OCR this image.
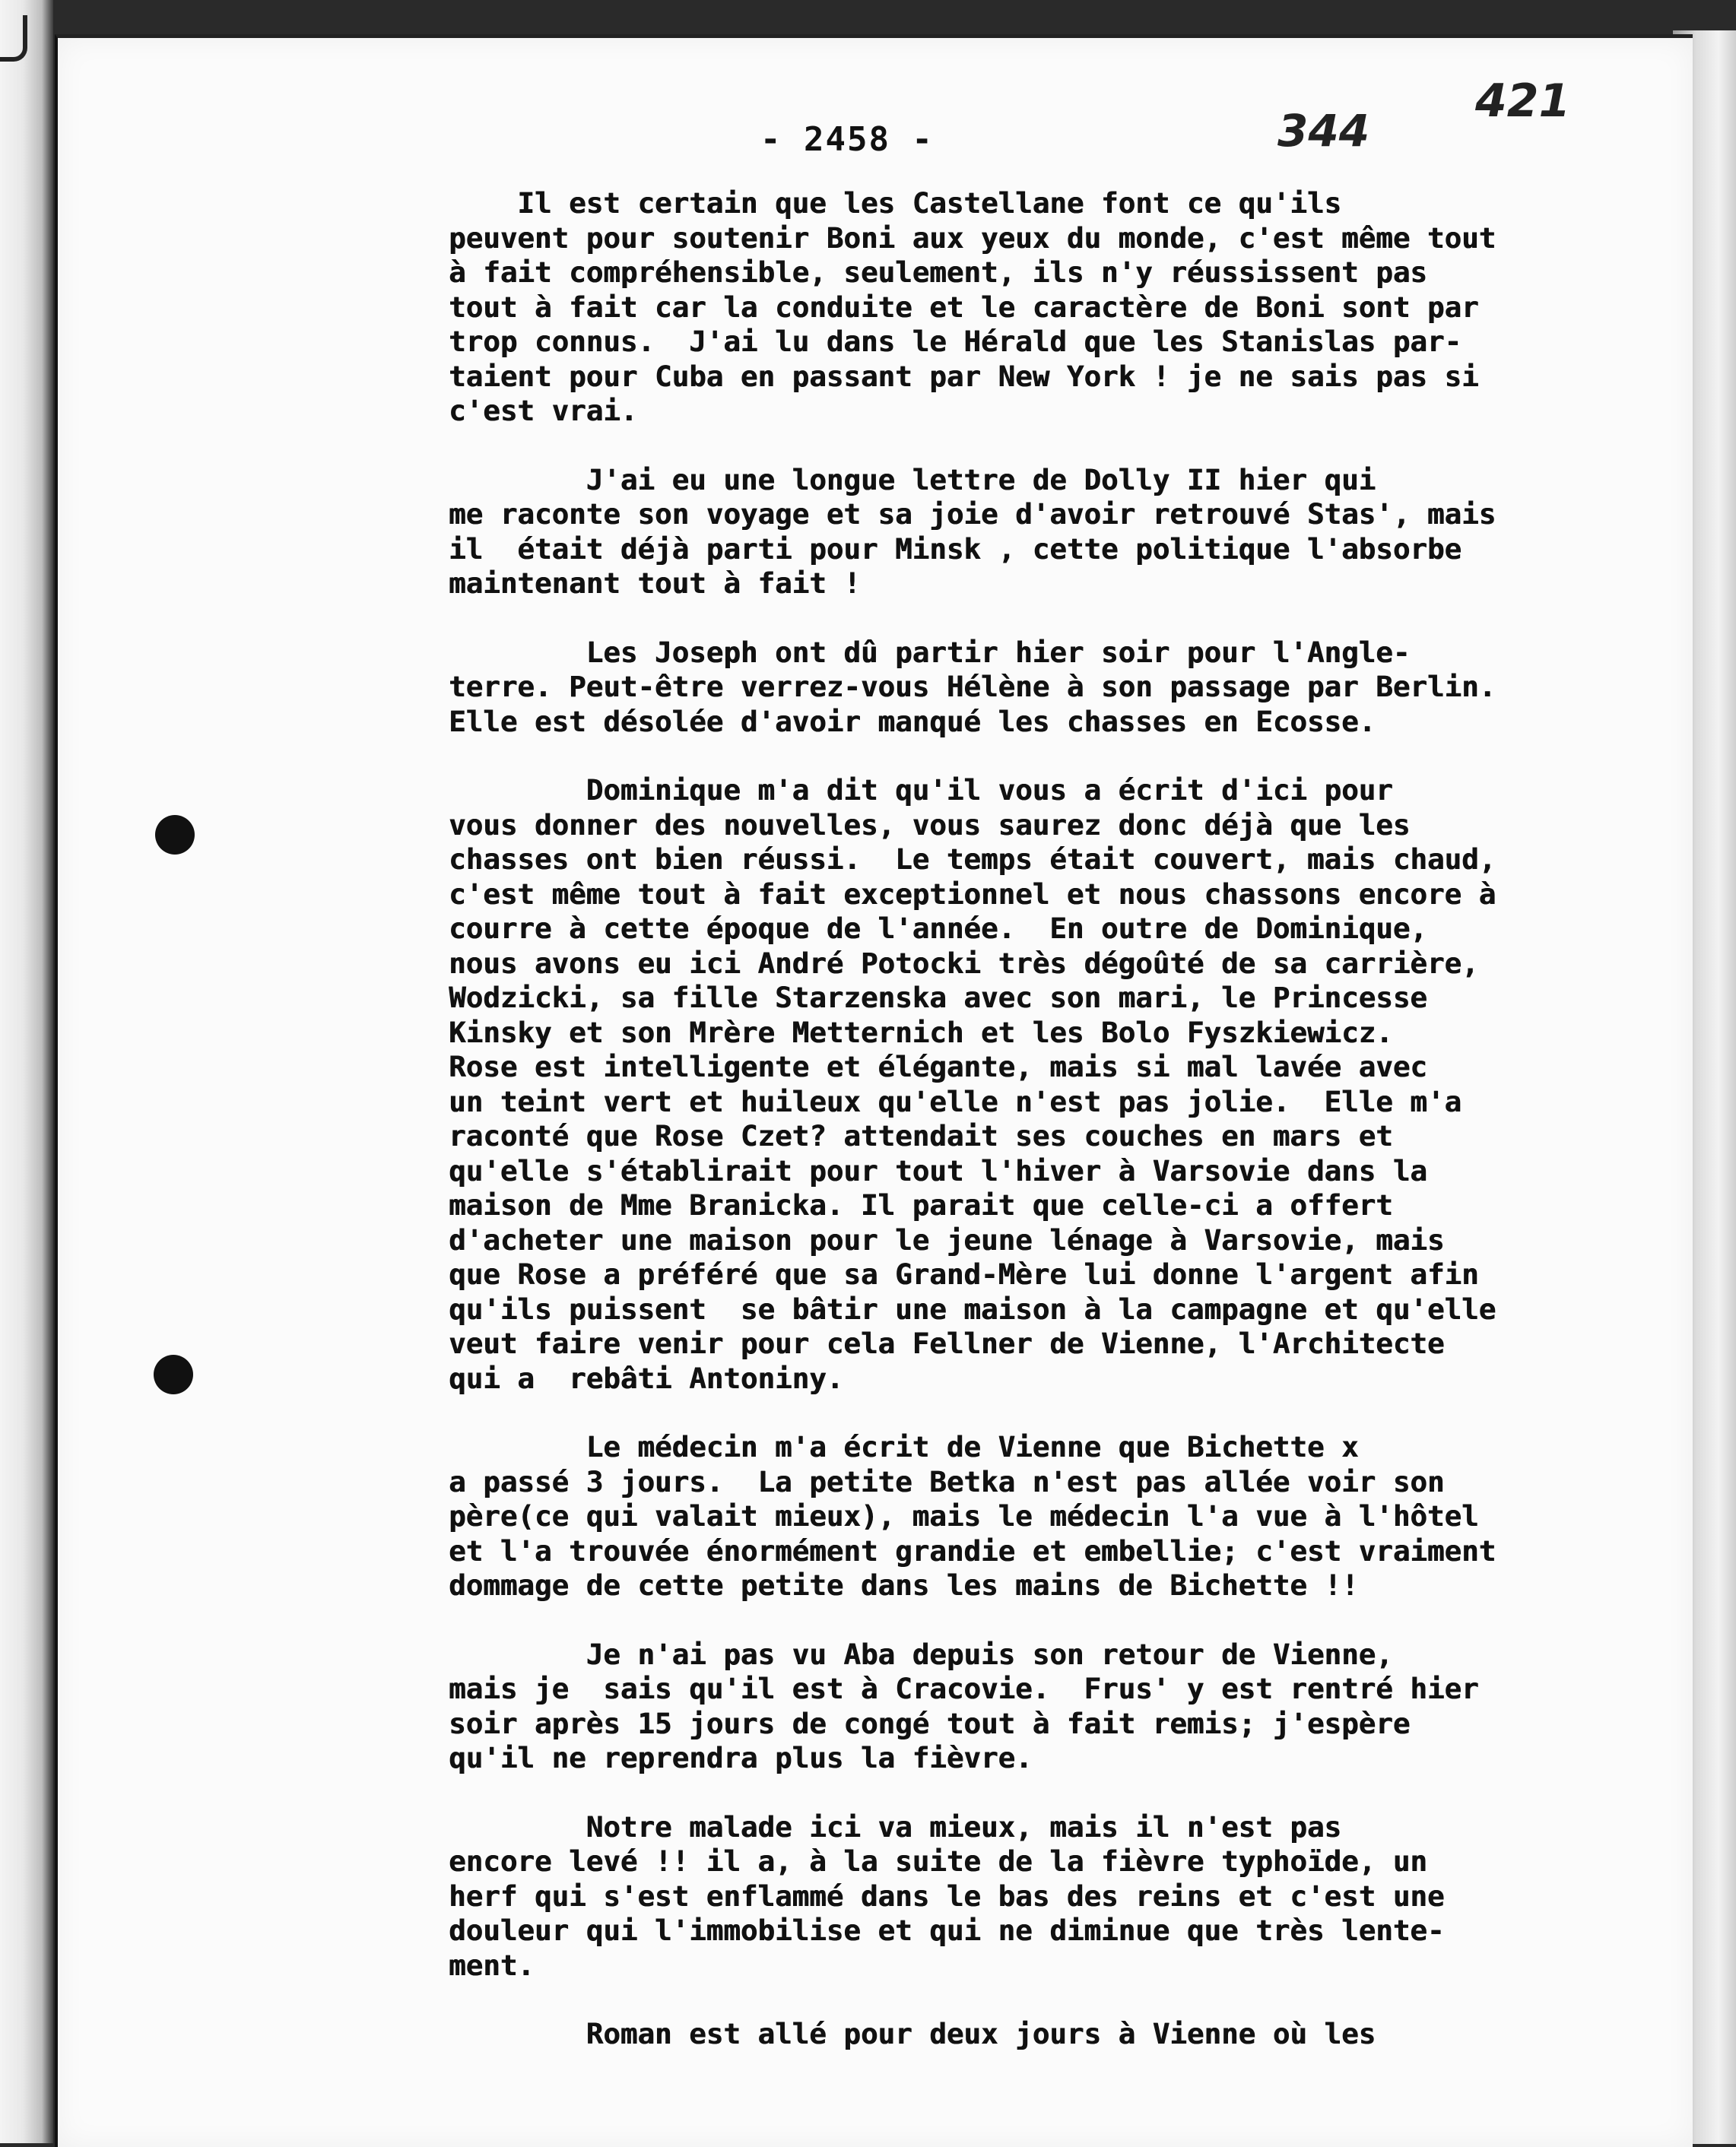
- 2458 -	344
421
Il est certain que les Castellane font ce qu'ils
peuvent pour soutenir Boni aux yeux du monde, c'est même tout
à fait compréhensible, seulement, ils n'y réussissent pas
tout à fait car la conduite et le caractère de Boni sont par
trop connus.  J'ai lu dans le Hérald que les Stanislas par-
taient pour Cuba en passant par New York ! je ne sais pas si
c'est vrai.
J'ai eu une longue lettre de Dolly II hier qui
me raconte son voyage et sa joie d'avoir retrouvé Stas', mais
il  était déjà parti pour Minsk , cette politique l'absorbe
maintenant tout à fait !
Les Joseph ont dû partir hier soir pour l'Angle-
terre. Peut-être verrez-vous Hélène à son passage par Berlin.
Elle est désolée d'avoir manqué les chasses en Ecosse.
Dominique m'a dit qu'il vous a écrit d'ici pour
vous donner des nouvelles, vous saurez donc déjà que les
chasses ont bien réussi.  Le temps était couvert, mais chaud,
c'est même tout à fait exceptionnel et nous chassons encore à
courre à cette époque de l'année.  En outre de Dominique,
nous avons eu ici André Potocki très dégoûté de sa carrière,
Wodzicki, sa fille Starzenska avec son mari, le Princesse
Kinsky et son Mrère Metternich et les Bolo Fyszkiewicz.
Rose est intelligente et élégante, mais si mal lavée avec
un teint vert et huileux qu'elle n'est pas jolie.  Elle m'a
raconté que Rose Czet? attendait ses couches en mars et
qu'elle s'établirait pour tout l'hiver à Varsovie dans la
maison de Mme Branicka. Il parait que celle-ci a offert
d'acheter une maison pour le jeune lénage à Varsovie, mais
que Rose a préféré que sa Grand-Mère lui donne l'argent afin
qu'ils puissent  se bâtir une maison à la campagne et qu'elle
veut faire venir pour cela Fellner de Vienne, l'Architecte
qui a  rebâti Antoniny.
Le médecin m'a écrit de Vienne que Bichette x
a passé 3 jours.  La petite Betka n'est pas allée voir son
père(ce qui valait mieux), mais le médecin l'a vue à l'hôtel
et l'a trouvée énormément grandie et embellie; c'est vraiment
dommage de cette petite dans les mains de Bichette !!
Je n'ai pas vu Aba depuis son retour de Vienne,
mais je  sais qu'il est à Cracovie.  Frus' y est rentré hier
soir après 15 jours de congé tout à fait remis; j'espère
qu'il ne reprendra plus la fièvre.
Notre malade ici va mieux, mais il n'est pas
encore levé !! il a, à la suite de la fièvre typhoïde, un
herf qui s'est enflammé dans le bas des reins et c'est une
douleur qui l'immobilise et qui ne diminue que très lente-
ment.
Roman est allé pour deux jours à Vienne où les
